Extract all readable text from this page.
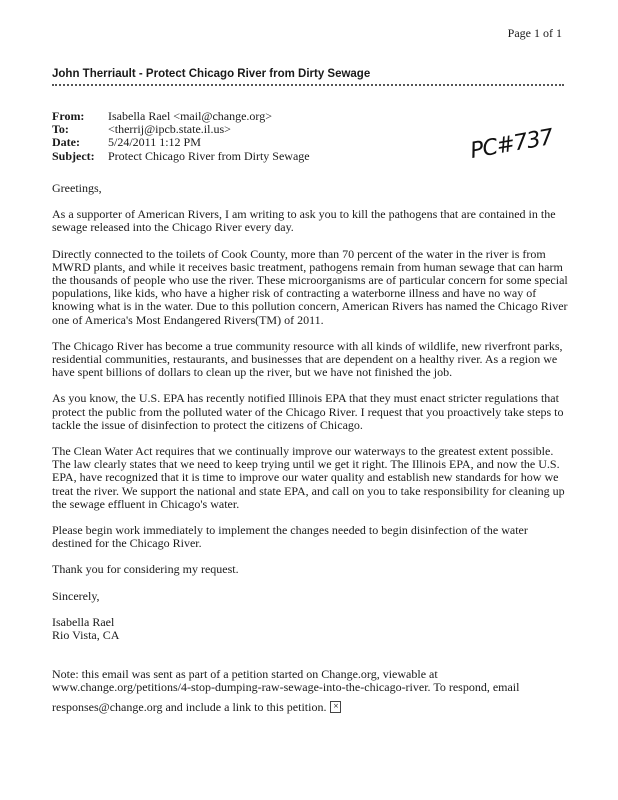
Page 1 of 1
John Therriault - Protect Chicago River from Dirty Sewage
From:	Isabella Rael <mail@change.org>
To:	<therrij@ipcb.state.il.us>
Date:	5/24/2011 1:12 PM
Subject:	Protect Chicago River from Dirty Sewage	PC#737

Greetings,

As a supporter of American Rivers, I am writing to ask you to kill the pathogens that are contained in the sewage released into the Chicago River every day.

Directly connected to the toilets of Cook County, more than 70 percent of the water in the river is from MWRD plants, and while it receives basic treatment, pathogens remain from human sewage that can harm the thousands of people who use the river. These microorganisms are of particular concern for some special populations, like kids, who have a higher risk of contracting a waterborne illness and have no way of knowing what is in the water. Due to this pollution concern, American Rivers has named the Chicago River one of America's Most Endangered Rivers(TM) of 2011.

The Chicago River has become a true community resource with all kinds of wildlife, new riverfront parks, residential communities, restaurants, and businesses that are dependent on a healthy river. As a region we have spent billions of dollars to clean up the river, but we have not finished the job.

As you know, the U.S. EPA has recently notified Illinois EPA that they must enact stricter regulations that protect the public from the polluted water of the Chicago River. I request that you proactively take steps to tackle the issue of disinfection to protect the citizens of Chicago.

The Clean Water Act requires that we continually improve our waterways to the greatest extent possible. The law clearly states that we need to keep trying until we get it right. The Illinois EPA, and now the U.S. EPA, have recognized that it is time to improve our water quality and establish new standards for how we treat the river. We support the national and state EPA, and call on you to take responsibility for cleaning up the sewage effluent in Chicago's water.

Please begin work immediately to implement the changes needed to begin disinfection of the water destined for the Chicago River.

Thank you for considering my request.

Sincerely,

Isabella Rael

Rio Vista, CA

Note: this email was sent as part of a petition started on Change.org, viewable at

www.change.org/petitions/4-stop-dumping-raw-sewage-into-the-chicago-river. To respond, email

responses@change.org and include a link to this petition. ×
